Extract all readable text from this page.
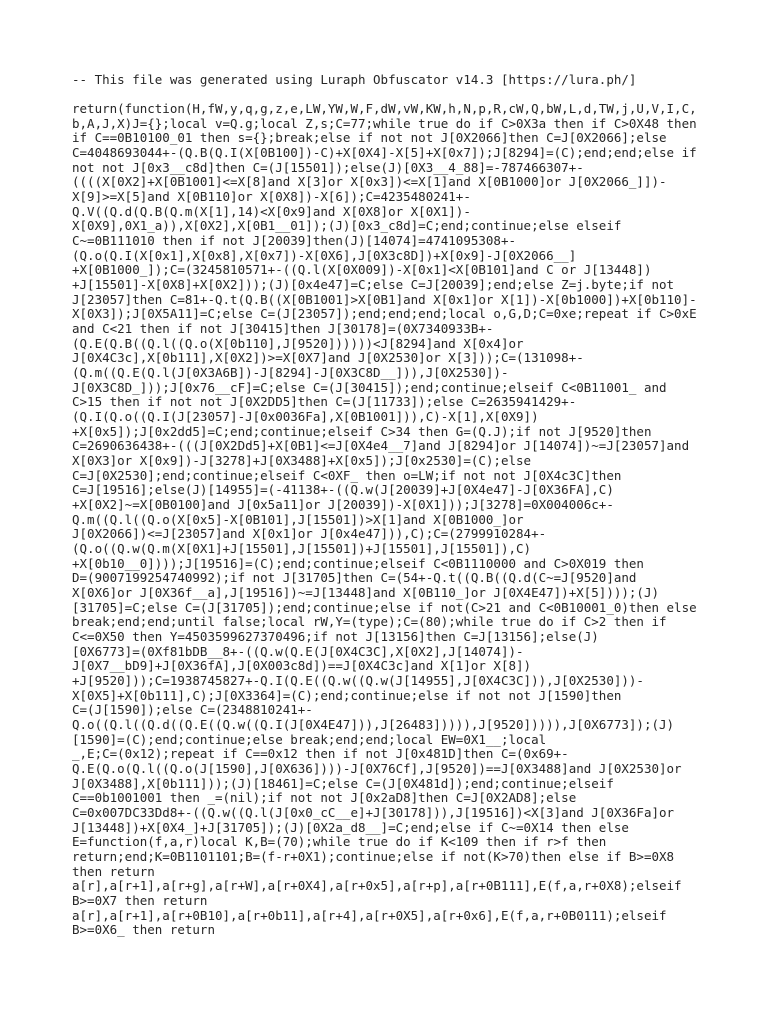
-- This file was generated using Luraph Obfuscator v14.3 [https://lura.ph/]
return(function(H,fW,y,q,g,z,e,LW,YW,W,F,dW,vW,KW,h,N,p,R,cW,Q,bW,L,d,TW,j,U,V,I,C,
b,A,J,X)J={};local v=Q.g;local Z,s;C=77;while true do if C>0X3a then if C>0X48 then
if C==0B10100_01 then s={};break;else if not not J[0X2066]then C=J[0X2066];else
C=4048693044+-(Q.B(Q.I(X[0B100])-C)+X[0X4]-X[5]+X[0x7]);J[8294]=(C);end;end;else if
not not J[0x3__c8d]then C=(J[15501]);else(J)[0X3__4_88]=-787466307+-
((((X[0X2]+X[0B1001]<=X[8]and X[3]or X[0x3])<=X[1]and X[0B1000]or J[0X2066_]])-
X[9]>=X[5]and X[0B110]or X[0X8])-X[6]);C=4235480241+-
Q.V((Q.d(Q.B(Q.m(X[1],14)<X[0x9]and X[0X8]or X[0X1])-
X[0X9],0X1_a)),X[0X2],X[0B1__01]);(J)[0x3_c8d]=C;end;continue;else elseif
C~=0B111010 then if not J[20039]then(J)[14074]=4741095308+-
(Q.o(Q.I(X[0x1],X[0x8],X[0x7])-X[0X6],J[0X3c8D])+X[0x9]-J[0X2066__]
+X[0B1000_]);C=(3245810571+-((Q.l(X[0X009])-X[0x1]<X[0B101]and C or J[13448])
+J[15501]-X[0X8]+X[0X2]));(J)[0x4e47]=C;else C=J[20039];end;else Z=j.byte;if not
J[23057]then C=81+-Q.t(Q.B((X[0B1001]>X[0B1]and X[0x1]or X[1])-X[0b1000])+X[0b110]-
X[0X3]);J[0X5A11]=C;else C=(J[23057]);end;end;end;local o,G,D;C=0xe;repeat if C>0xE
and C<21 then if not J[30415]then J[30178]=(0X7340933B+-
(Q.E(Q.B((Q.l((Q.o(X[0b110],J[9520])))))<J[8294]and X[0x4]or
J[0X4C3c],X[0b111],X[0X2])>=X[0X7]and J[0X2530]or X[3]));C=(131098+-
(Q.m((Q.E(Q.l(J[0X3A6B])-J[8294]-J[0X3C8D__])),J[0X2530])-
J[0X3C8D_]));J[0x76__cF]=C;else C=(J[30415]);end;continue;elseif C<0B11001_ and
C>15 then if not not J[0X2DD5]then C=(J[11733]);else C=2635941429+-
(Q.I(Q.o((Q.I(J[23057]-J[0x0036Fa],X[0B1001])),C)-X[1],X[0X9])
+X[0x5]);J[0x2dd5]=C;end;continue;elseif C>34 then G=(Q.J);if not J[9520]then
C=2690636438+-(((J[0X2Dd5]+X[0B1]<=J[0X4e4__7]and J[8294]or J[14074])~=J[23057]and
X[0X3]or X[0x9])-J[3278]+J[0X3488]+X[0x5]);J[0x2530]=(C);else
C=J[0X2530];end;continue;elseif C<0XF_ then o=LW;if not not J[0X4c3C]then
C=J[19516];else(J)[14955]=(-41138+-((Q.w(J[20039]+J[0X4e47]-J[0X36FA],C)
+X[0X2]~=X[0B0100]and J[0x5a11]or J[20039])-X[0X1]));J[3278]=0X004006c+-
Q.m((Q.l((Q.o(X[0x5]-X[0B101],J[15501])>X[1]and X[0B1000_]or
J[0X2066])<=J[23057]and X[0x1]or J[0x4e47])),C);C=(2799910284+-
(Q.o((Q.w(Q.m(X[0X1]+J[15501],J[15501])+J[15501],J[15501]),C)
+X[0b10__0])));J[19516]=(C);end;continue;elseif C<0B1110000 and C>0X019 then
D=(9007199254740992);if not J[31705]then C=(54+-Q.t((Q.B((Q.d(C~=J[9520]and
X[0X6]or J[0X36f__a],J[19516])~=J[13448]and X[0B110_]or J[0X4E47])+X[5])));(J)
[31705]=C;else C=(J[31705]);end;continue;else if not(C>21 and C<0B10001_0)then else
break;end;end;until false;local rW,Y=(type);C=(80);while true do if C>2 then if
C<=0X50 then Y=4503599627370496;if not J[13156]then C=J[13156];else(J)
[0X6773]=(0Xf81bDB__8+-((Q.w(Q.E(J[0X4C3C],X[0X2],J[14074])-
J[0X7__bD9]+J[0X36fA],J[0X003c8d])==J[0X4C3c]and X[1]or X[8])
+J[9520]));C=1938745827+-Q.I(Q.E((Q.w((Q.w(J[14955],J[0X4C3C])),J[0X2530]))-
X[0X5]+X[0b111],C);J[0X3364]=(C);end;continue;else if not not J[1590]then
C=(J[1590]);else C=(2348810241+-
Q.o((Q.l((Q.d((Q.E((Q.w((Q.I(J[0X4E47])),J[26483])))),J[9520])))),J[0X6773]);(J)
[1590]=(C);end;continue;else break;end;end;local EW=0X1__;local
_,E;C=(0x12);repeat if C==0x12 then if not J[0x481D]then C=(0x69+-
Q.E(Q.o(Q.l((Q.o(J[1590],J[0X636])))-J[0X76Cf],J[9520])==J[0X3488]and J[0X2530]or
J[0X3488],X[0b111]));(J)[18461]=C;else C=(J[0X481d]);end;continue;elseif
C==0b1001001 then _=(nil);if not not J[0x2aD8]then C=J[0X2AD8];else
C=0x007DC33Dd8+-((Q.w((Q.l(J[0x0_cC__e]+J[30178])),J[19516])<X[3]and J[0X36Fa]or
J[13448])+X[0X4_]+J[31705]);(J)[0X2a_d8__]=C;end;else if C~=0X14 then else
E=function(f,a,r)local K,B=(70);while true do if K<109 then if r>f then
return;end;K=0B1101101;B=(f-r+0X1);continue;else if not(K>70)then else if B>=0X8
then return
a[r],a[r+1],a[r+g],a[r+W],a[r+0X4],a[r+0x5],a[r+p],a[r+0B111],E(f,a,r+0X8);elseif
B>=0X7 then return
a[r],a[r+1],a[r+0B10],a[r+0b11],a[r+4],a[r+0X5],a[r+0x6],E(f,a,r+0B0111);elseif
B>=0X6_ then return
